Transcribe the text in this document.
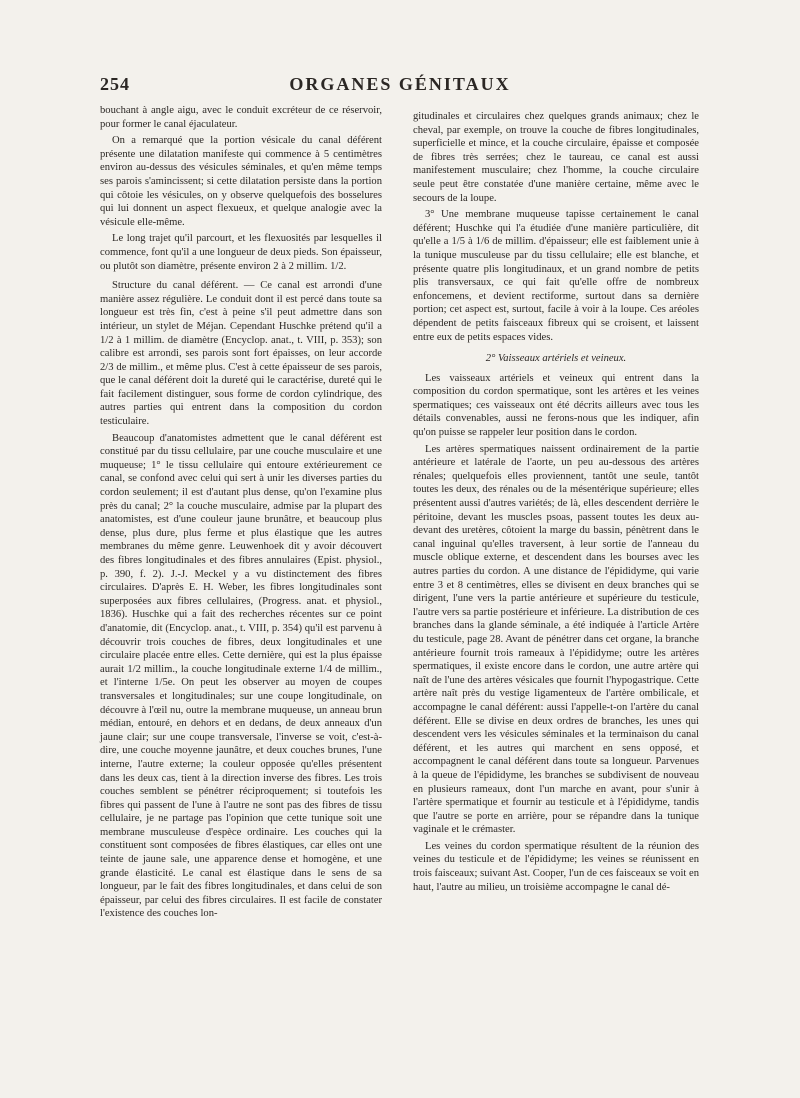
254	ORGANES GÉNITAUX

bouchant à angle aigu, avec le conduit excréteur de ce réservoir, pour former le canal éjaculateur.

On a remarqué que la portion vésicale du canal déférent présente une dilatation manifeste qui commence à 5 centimètres environ au-dessus des vésicules séminales, et qu'en même temps ses parois s'amincissent; si cette dilatation persiste dans la portion qui côtoie les vésicules, on y observe quelquefois des bosselures qui lui donnent un aspect flexueux, et quelque analogie avec la vésicule elle-même.

Le long trajet qu'il parcourt, et les flexuosités par lesquelles il commence, font qu'il a une longueur de deux pieds. Son épaisseur, ou plutôt son diamètre, présente environ 2 à 2 millim. 1/2.

Structure du canal déférent. — Ce canal est arrondi d'une manière assez régulière. Le conduit dont il est percé dans toute sa longueur est très fin, c'est à peine s'il peut admettre dans son intérieur, un stylet de Méjan. Cependant Huschke prétend qu'il a 1/2 à 1 millim. de diamètre (Encyclop. anat., t. VIII, p. 353); son calibre est arrondi, ses parois sont fort épaisses, on leur accorde 2/3 de millim., et même plus. C'est à cette épaisseur de ses parois, que le canal déférent doit la dureté qui le caractérise, dureté qui le fait facilement distinguer, sous forme de cordon cylindrique, des autres parties qui entrent dans la composition du cordon testiculaire.

Beaucoup d'anatomistes admettent que le canal déférent est constitué par du tissu cellulaire, par une couche musculaire et une muqueuse; 1° le tissu cellulaire qui entoure extérieurement ce canal, se confond avec celui qui sert à unir les diverses parties du cordon seulement; il est d'autant plus dense, qu'on l'examine plus près du canal; 2° la couche musculaire, admise par la plupart des anatomistes, est d'une couleur jaune brunâtre, et beaucoup plus dense, plus dure, plus ferme et plus élastique que les autres membranes du même genre. Leuwenhoek dit y avoir découvert des fibres longitudinales et des fibres annulaires (Epist. physiol., p. 390, f. 2). J.-J. Meckel y a vu distinctement des fibres circulaires. D'après E. H. Weber, les fibres longitudinales sont superposées aux fibres cellulaires, (Progress. anat. et physiol., 1836). Huschke qui a fait des recherches récentes sur ce point d'anatomie, dit (Encyclop. anat., t. VIII, p. 354) qu'il est parvenu à découvrir trois couches de fibres, deux longitudinales et une circulaire placée entre elles. Cette dernière, qui est la plus épaisse aurait 1/2 millim., la couche longitudinale externe 1/4 de millim., et l'interne 1/5e. On peut les observer au moyen de coupes transversales et longitudinales; sur une coupe longitudinale, on découvre à l'œil nu, outre la membrane muqueuse, un anneau brun médian, entouré, en dehors et en dedans, de deux anneaux d'un jaune clair; sur une coupe transversale, l'inverse se voit, c'est-à-dire, une couche moyenne jaunâtre, et deux couches brunes, l'une interne, l'autre externe; la couleur opposée qu'elles présentent dans les deux cas, tient à la direction inverse des fibres. Les trois couches semblent se pénétrer réciproquement; si toutefois les fibres qui passent de l'une à l'autre ne sont pas des fibres de tissu cellulaire, je ne partage pas l'opinion que cette tunique soit une membrane musculeuse d'espèce ordinaire. Les couches qui la constituent sont composées de fibres élastiques, car elles ont une teinte de jaune sale, une apparence dense et homogène, et une grande élasticité. Le canal est élastique dans le sens de sa longueur, par le fait des fibres longitudinales, et dans celui de son épaisseur, par celui des fibres circulaires. Il est facile de constater l'existence des couches lon-

gitudinales et circulaires chez quelques grands animaux; chez le cheval, par exemple, on trouve la couche de fibres longitudinales, superficielle et mince, et la couche circulaire, épaisse et composée de fibres très serrées; chez le taureau, ce canal est aussi manifestement musculaire; chez l'homme, la couche circulaire seule peut être constatée d'une manière certaine, même avec le secours de la loupe.

3° Une membrane muqueuse tapisse certainement le canal déférent; Huschke qui l'a étudiée d'une manière particulière, dit qu'elle a 1/5 à 1/6 de millim. d'épaisseur; elle est faiblement unie à la tunique musculeuse par du tissu cellulaire; elle est blanche, et présente quatre plis longitudinaux, et un grand nombre de petits plis transversaux, ce qui fait qu'elle offre de nombreux enfoncemens, et devient rectiforme, surtout dans sa dernière portion; cet aspect est, surtout, facile à voir à la loupe. Ces aréoles dépendent de petits faisceaux fibreux qui se croisent, et laissent entre eux de petits espaces vides.

2° Vaisseaux artériels et veineux.

Les vaisseaux artériels et veineux qui entrent dans la composition du cordon spermatique, sont les artères et les veines spermatiques; ces vaisseaux ont été décrits ailleurs avec tous les détails convenables, aussi ne ferons-nous que les indiquer, afin qu'on puisse se rappeler leur position dans le cordon.

Les artères spermatiques naissent ordinairement de la partie antérieure et latérale de l'aorte, un peu au-dessous des artères rénales; quelquefois elles proviennent, tantôt une seule, tantôt toutes les deux, des rénales ou de la mésentérique supérieure; elles présentent aussi d'autres variétés; de là, elles descendent derrière le péritoine, devant les muscles psoas, passent toutes les deux au-devant des uretères, côtoient la marge du bassin, pénètrent dans le canal inguinal qu'elles traversent, à leur sortie de l'anneau du muscle oblique externe, et descendent dans les bourses avec les autres parties du cordon. A une distance de l'épididyme, qui varie entre 3 et 8 centimètres, elles se divisent en deux branches qui se dirigent, l'une vers la partie antérieure et supérieure du testicule, l'autre vers sa partie postérieure et inférieure. La distribution de ces branches dans la glande séminale, a été indiquée à l'article Artère du testicule, page 28. Avant de pénétrer dans cet organe, la branche antérieure fournit trois rameaux à l'épididyme; outre les artères spermatiques, il existe encore dans le cordon, une autre artère qui naît de l'une des artères vésicales que fournit l'hypogastrique. Cette artère naît près du vestige ligamenteux de l'artère ombilicale, et accompagne le canal déférent: aussi l'appelle-t-on l'artère du canal déférent. Elle se divise en deux ordres de branches, les unes qui descendent vers les vésicules séminales et la terminaison du canal déférent, et les autres qui marchent en sens opposé, et accompagnent le canal déférent dans toute sa longueur. Parvenues à la queue de l'épididyme, les branches se subdivisent de nouveau en plusieurs rameaux, dont l'un marche en avant, pour s'unir à l'artère spermatique et fournir au testicule et à l'épididyme, tandis que l'autre se porte en arrière, pour se répandre dans la tunique vaginale et le crémaster.

Les veines du cordon spermatique résultent de la réunion des veines du testicule et de l'épididyme; les veines se réunissent en trois faisceaux; suivant Ast. Cooper, l'un de ces faisceaux se voit en haut, l'autre au milieu, un troisième accompagne le canal dé-
